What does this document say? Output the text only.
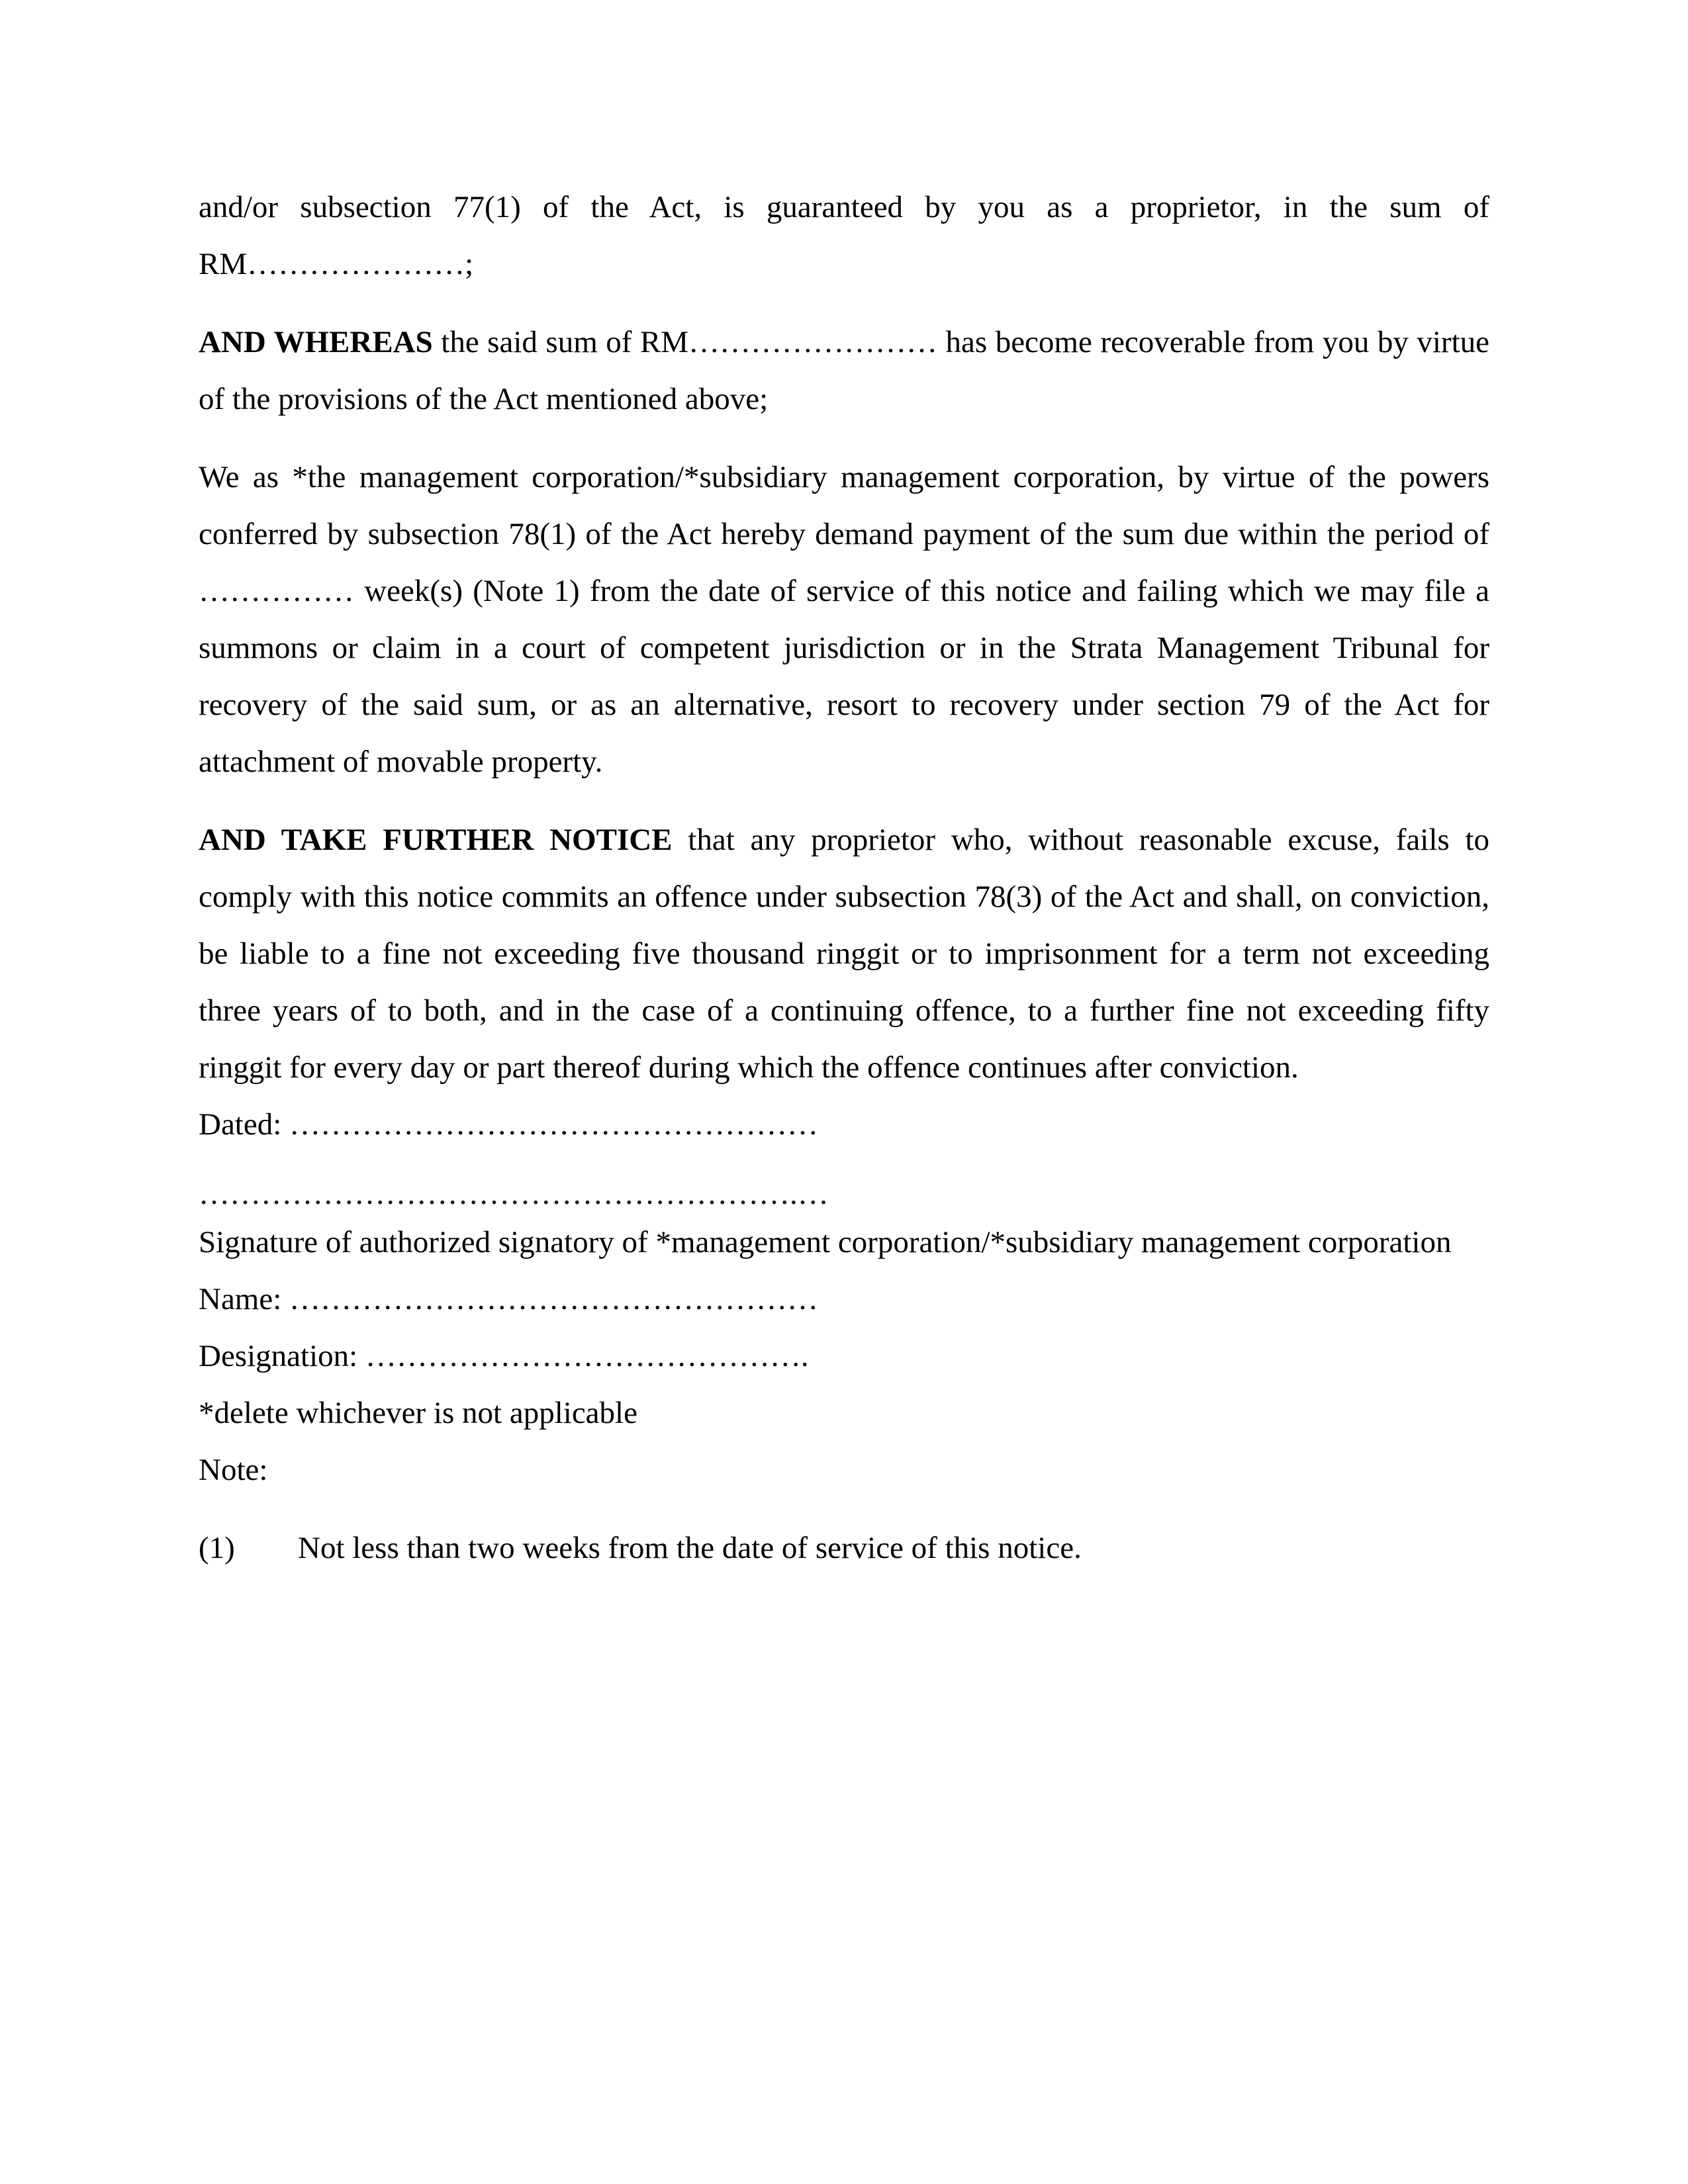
and/or subsection 77(1) of the Act, is guaranteed by you as a proprietor, in the sum of RM…………………;

AND WHEREAS the said sum of RM…………………… has become recoverable from you by virtue of the provisions of the Act mentioned above;

We as *the management corporation/*subsidiary management corporation, by virtue of the powers conferred by subsection 78(1) of the Act hereby demand payment of the sum due within the period of …………… week(s) (Note 1) from the date of service of this notice and failing which we may file a summons or claim in a court of competent jurisdiction or in the Strata Management Tribunal for recovery of the said sum, or as an alternative, resort to recovery under section 79 of the Act for attachment of movable property.

AND TAKE FURTHER NOTICE that any proprietor who, without reasonable excuse, fails to comply with this notice commits an offence under subsection 78(3) of the Act and shall, on conviction, be liable to a fine not exceeding five thousand ringgit or to imprisonment for a term not exceeding three years of to both, and in the case of a continuing offence, to a further fine not exceeding fifty ringgit for every day or part thereof during which the offence continues after conviction.

Dated: ……………………………………………

………………………………………………….…

Signature of authorized signatory of *management corporation/*subsidiary management corporation

Name: ……………………………………………

Designation: …………………………………….

*delete whichever is not applicable

Note:

(1)	Not less than two weeks from the date of service of this notice.
